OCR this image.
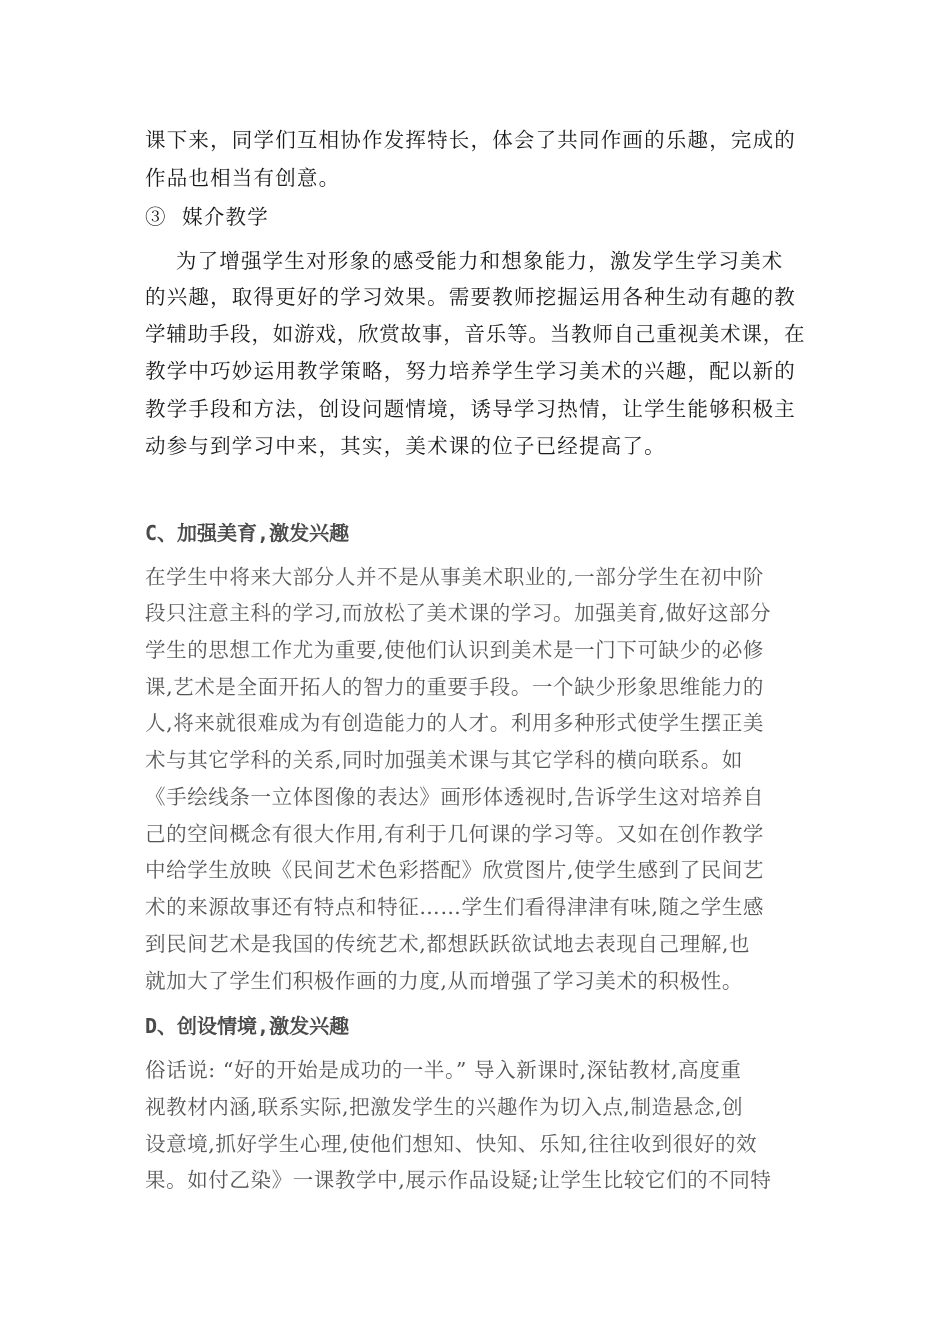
课下来，同学们互相协作发挥特长，体会了共同作画的乐趣，完成的
作品也相当有创意。
③  媒介教学
为了增强学生对形象的感受能力和想象能力，激发学生学习美术
的兴趣，取得更好的学习效果。需要教师挖掘运用各种生动有趣的教
学辅助手段，如游戏，欣赏故事，音乐等。当教师自己重视美术课，在
教学中巧妙运用教学策略，努力培养学生学习美术的兴趣，配以新的
教学手段和方法，创设问题情境，诱导学习热情，让学生能够积极主
动参与到学习中来，其实，美术课的位子已经提高了。
C、加强美育,激发兴趣
在学生中将来大部分人并不是从事美术职业的,一部分学生在初中阶
段只注意主科的学习,而放松了美术课的学习。加强美育,做好这部分
学生的思想工作尤为重要,使他们认识到美术是一门下可缺少的必修
课,艺术是全面开拓人的智力的重要手段。一个缺少形象思维能力的
人,将来就很难成为有创造能力的人才。利用多种形式使学生摆正美
术与其它学科的关系,同时加强美术课与其它学科的横向联系。如
《手绘线条一立体图像的表达》画形体透视时,告诉学生这对培养自
己的空间概念有很大作用,有利于几何课的学习等。又如在创作教学
中给学生放映《民间艺术色彩搭配》欣赏图片,使学生感到了民间艺
术的来源故事还有特点和特征……学生们看得津津有味,随之学生感
到民间艺术是我国的传统艺术,都想跃跃欲试地去表现自己理解,也
就加大了学生们积极作画的力度,从而增强了学习美术的积极性。
D、创设情境,激发兴趣
俗话说: “好的开始是成功的一半。” 导入新课时,深钻教材,高度重
视教材内涵,联系实际,把激发学生的兴趣作为切入点,制造悬念,创
设意境,抓好学生心理,使他们想知、快知、乐知,往往收到很好的效
果。如付乙染》一课教学中,展示作品设疑;让学生比较它们的不同特
